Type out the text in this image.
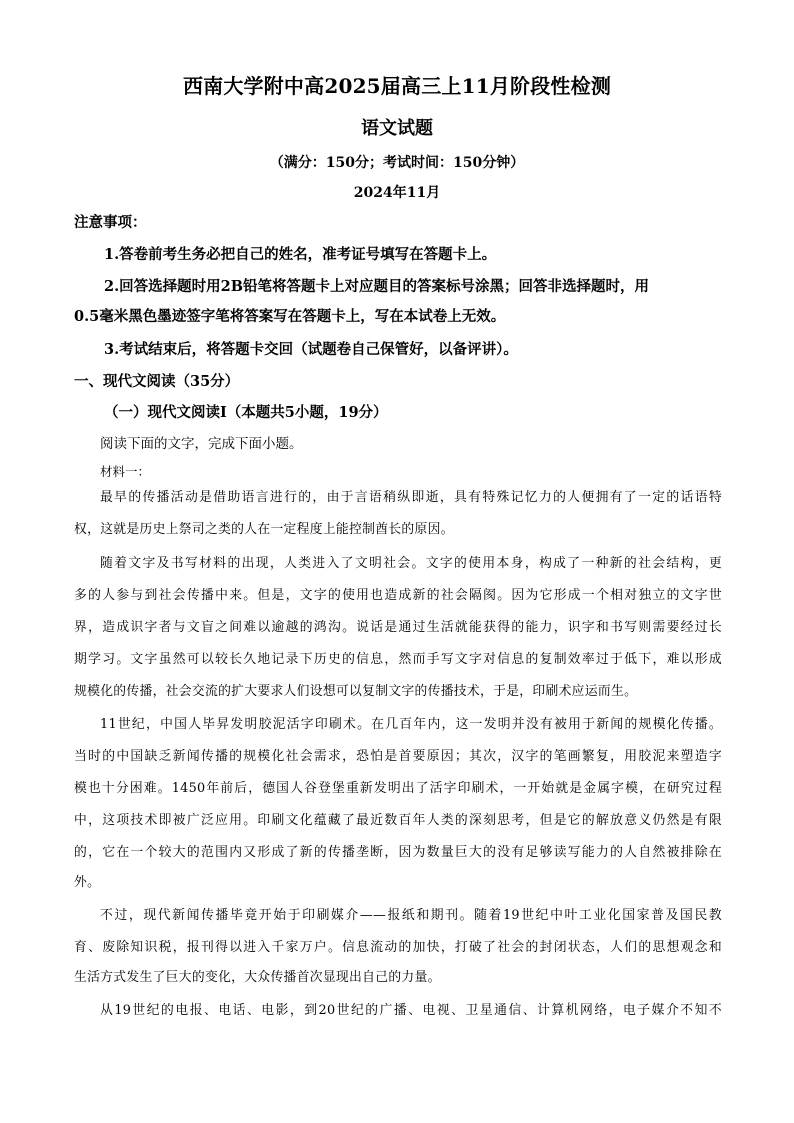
西南大学附中高2025届高三上11月阶段性检测
语文试题
（满分：150分；考试时间：150分钟）
2024年11月
注意事项：
1.答卷前考生务必把自己的姓名，准考证号填写在答题卡上。
2.回答选择题时用2B铅笔将答题卡上对应题目的答案标号涂黑；回答非选择题时，用
0.5毫米黑色墨迹签字笔将答案写在答题卡上，写在本试卷上无效。
3.考试结束后，将答题卡交回（试题卷自己保管好，以备评讲）。
一、现代文阅读（35分）
（一）现代文阅读Ⅰ（本题共5小题，19分）
阅读下面的文字，完成下面小题。
材料一：
最早的传播活动是借助语言进行的，由于言语稍纵即逝，具有特殊记忆力的人便拥有了一定的话语特
权，这就是历史上祭司之类的人在一定程度上能控制酋长的原因。
随着文字及书写材料的出现，人类进入了文明社会。文字的使用本身，构成了一种新的社会结构，更
多的人参与到社会传播中来。但是，文字的使用也造成新的社会隔阂。因为它形成一个相对独立的文字世
界，造成识字者与文盲之间难以逾越的鸿沟。说话是通过生活就能获得的能力，识字和书写则需要经过长
期学习。文字虽然可以较长久地记录下历史的信息，然而手写文字对信息的复制效率过于低下，难以形成
规模化的传播，社会交流的扩大要求人们设想可以复制文字的传播技术，于是，印刷术应运而生。
11世纪，中国人毕昇发明胶泥活字印刷术。在几百年内，这一发明并没有被用于新闻的规模化传播。
当时的中国缺乏新闻传播的规模化社会需求，恐怕是首要原因；其次，汉字的笔画繁复，用胶泥来塑造字
模也十分困难。1450年前后，德国人谷登堡重新发明出了活字印刷术，一开始就是金属字模，在研究过程
中，这项技术即被广泛应用。印刷文化蕴藏了最近数百年人类的深刻思考，但是它的解放意义仍然是有限
的，它在一个较大的范围内又形成了新的传播垄断，因为数量巨大的没有足够读写能力的人自然被排除在
外。
不过，现代新闻传播毕竟开始于印刷媒介——报纸和期刊。随着19世纪中叶工业化国家普及国民教
育、废除知识税，报刊得以进入千家万户。信息流动的加快，打破了社会的封闭状态，人们的思想观念和
生活方式发生了巨大的变化，大众传播首次显现出自己的力量。
从19世纪的电报、电话、电影，到20世纪的广播、电视、卫星通信、计算机网络，电子媒介不知不
